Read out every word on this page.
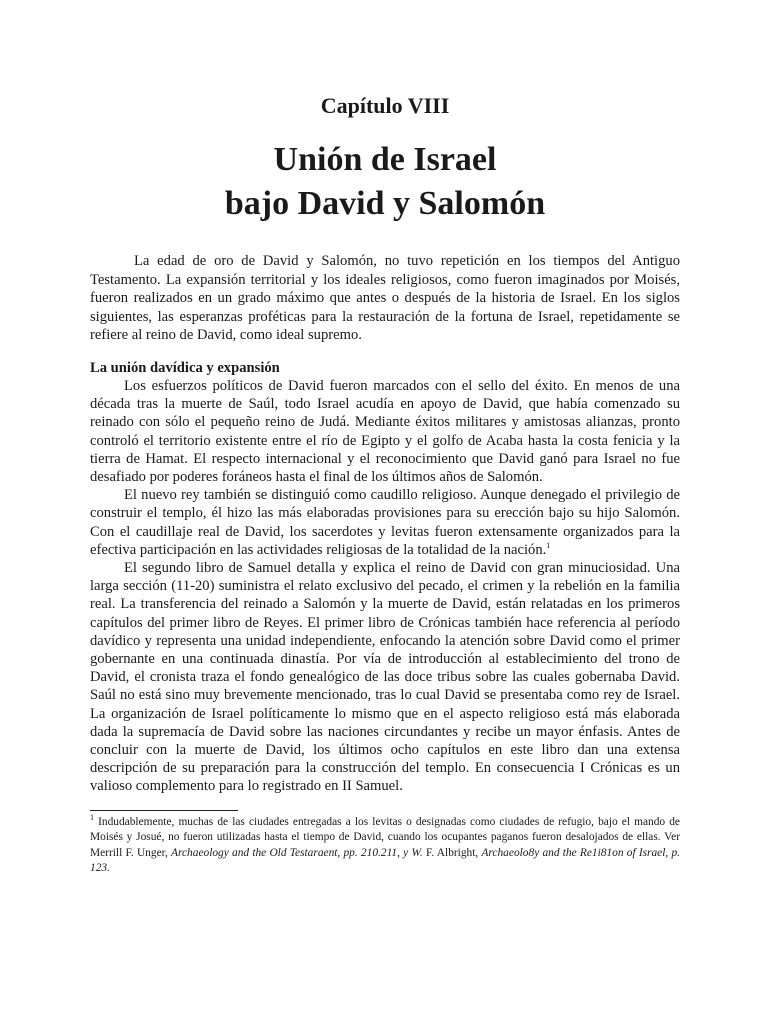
Capítulo VIII
Unión de Israel
bajo David y Salomón

La edad de oro de David y Salomón, no tuvo repetición en los tiempos del Antiguo Testamento. La expansión territorial y los ideales religiosos, como fueron imaginados por Moisés, fueron realizados en un grado máximo que antes o después de la historia de Israel. En los siglos siguientes, las esperanzas proféticas para la restauración de la fortuna de Israel, repetidamente se refiere al reino de David, como ideal supremo.

La unión davídica y expansión

Los esfuerzos políticos de David fueron marcados con el sello del éxito. En menos de una década tras la muerte de Saúl, todo Israel acudía en apoyo de David, que había comenzado su reinado con sólo el pequeño reino de Judá. Mediante éxitos militares y amistosas alianzas, pronto controló el territorio existente entre el río de Egipto y el golfo de Acaba hasta la costa fenicia y la tierra de Hamat. El respecto internacional y el reconocimiento que David ganó para Israel no fue desafiado por poderes foráneos hasta el final de los últimos años de Salomón.

El nuevo rey también se distinguió como caudillo religioso. Aunque denegado el privilegio de construir el templo, él hizo las más elaboradas provisiones para su erección bajo su hijo Salomón. Con el caudillaje real de David, los sacerdotes y levitas fueron extensamente organizados para la efectiva participación en las actividades religiosas de la totalidad de la nación.$^1$

El segundo libro de Samuel detalla y explica el reino de David con gran minuciosidad. Una larga sección (11-20) suministra el relato exclusivo del pecado, el crimen y la rebelión en la familia real. La transferencia del reinado a Salomón y la muerte de David, están relatadas en los primeros capítulos del primer libro de Reyes. El primer libro de Crónicas también hace referencia al período davídico y representa una unidad independiente, enfocando la atención sobre David como el primer gobernante en una continuada dinastía. Por vía de introducción al establecimiento del trono de David, el cronista traza el fondo genealógico de las doce tribus sobre las cuales gobernaba David. Saúl no está sino muy brevemente mencionado, tras lo cual David se presentaba como rey de Israel. La organización de Israel políticamente lo mismo que en el aspecto religioso está más elaborada dada la supremacía de David sobre las naciones circundantes y recibe un mayor énfasis. Antes de concluir con la muerte de David, los últimos ocho capítulos en este libro dan una extensa descripción de su preparación para la construcción del templo. En consecuencia I Crónicas es un valioso complemento para lo registrado en II Samuel.

$^1$ Indudablemente, muchas de las ciudades entregadas a los levitas o designadas como ciudades de refugio, bajo el mando de Moisés y Josué, no fueron utilizadas hasta el tiempo de David, cuando los ocupantes paganos fueron desalojados de ellas. Ver Merrill F. Unger, Archaeology and the Old Testaraent, pp. 210.211, y W. F. Albright, Archaeolo8y and the Re1i81on of Israel, p. 123.
